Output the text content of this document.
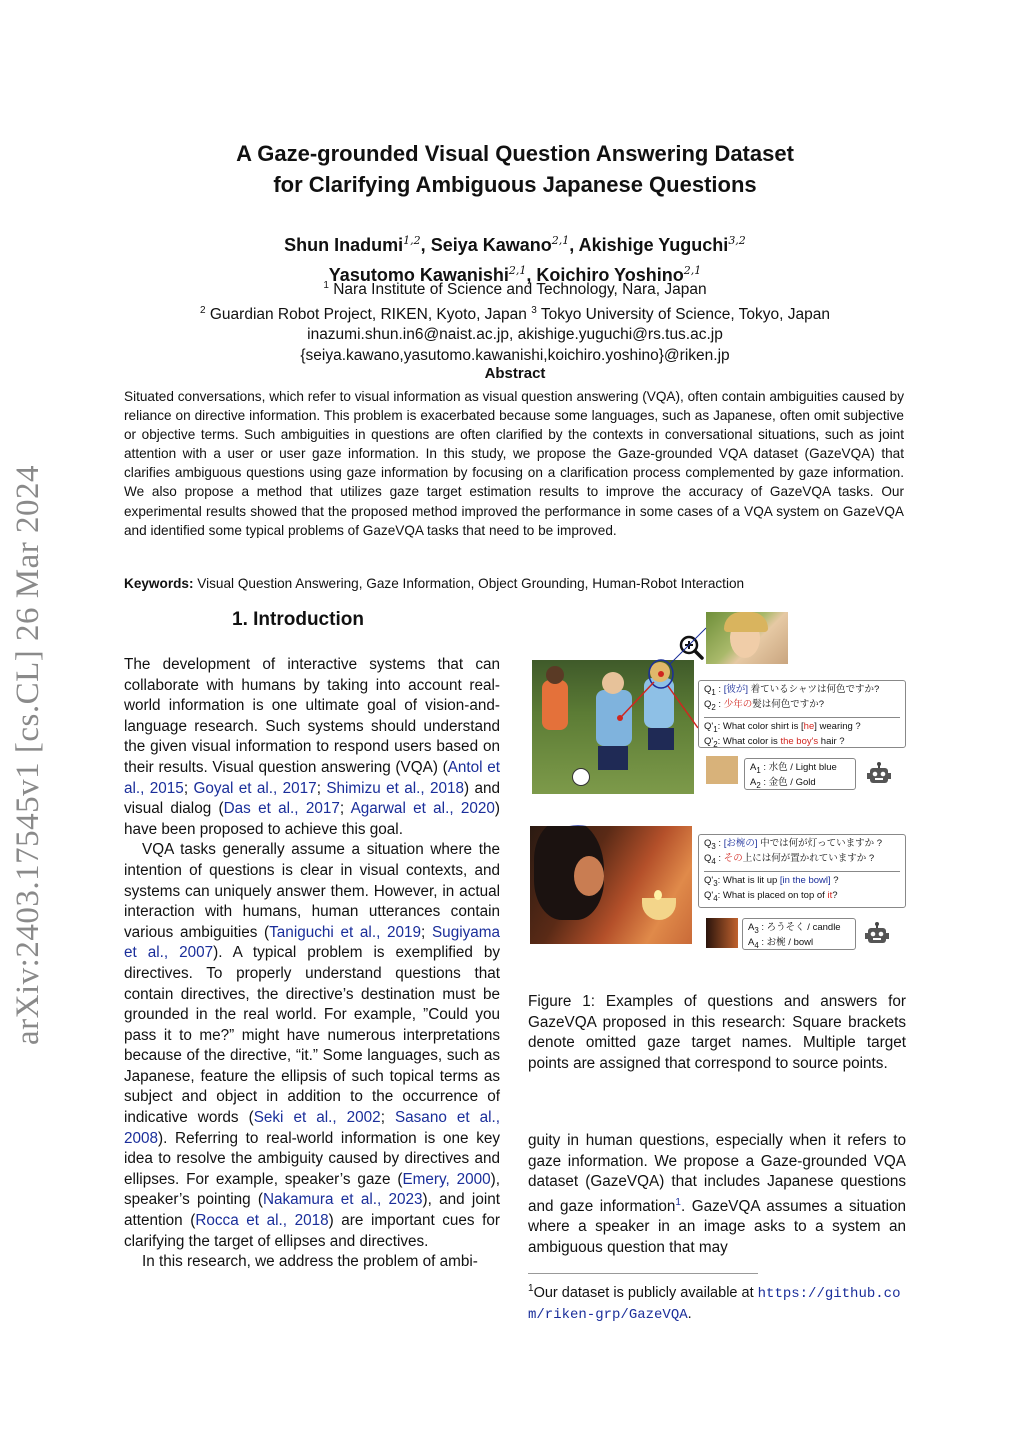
arXiv:2403.17545v1 [cs.CL] 26 Mar 2024
A Gaze-grounded Visual Question Answering Dataset
for Clarifying Ambiguous Japanese Questions
Shun Inadumi$^{1,2}$, Seiya Kawano$^{2,1}$, Akishige Yuguchi$^{3,2}$
Yasutomo Kawanishi$^{2,1}$, Koichiro Yoshino$^{2,1}$
$^1$ Nara Institute of Science and Technology, Nara, Japan
$^2$ Guardian Robot Project, RIKEN, Kyoto, Japan $^3$ Tokyo University of Science, Tokyo, Japan
inazumi.shun.in6@naist.ac.jp, akishige.yuguchi@rs.tus.ac.jp
{seiya.kawano,yasutomo.kawanishi,koichiro.yoshino}@riken.jp
Abstract
Situated conversations, which refer to visual information as visual question answering (VQA), often contain ambiguities caused by reliance on directive information. This problem is exacerbated because some languages, such as Japanese, often omit subjective or objective terms. Such ambiguities in questions are often clarified by the contexts in conversational situations, such as joint attention with a user or user gaze information. In this study, we propose the Gaze-grounded VQA dataset (GazeVQA) that clarifies ambiguous questions using gaze information by focusing on a clarification process complemented by gaze information. We also propose a method that utilizes gaze target estimation results to improve the accuracy of GazeVQA tasks. Our experimental results showed that the proposed method improved the performance in some cases of a VQA system on GazeVQA and identified some typical problems of GazeVQA tasks that need to be improved.
Keywords: Visual Question Answering, Gaze Information, Object Grounding, Human-Robot Interaction
1. Introduction

The development of interactive systems that can collaborate with humans by taking into account real-world information is one ultimate goal of vision-and-language research. Such systems should understand the given visual information to respond users based on their results. Visual question answering (VQA) (Antol et al., 2015; Goyal et al., 2017; Shimizu et al., 2018) and visual dialog (Das et al., 2017; Agarwal et al., 2020) have been proposed to achieve this goal.

VQA tasks generally assume a situation where the intention of questions is clear in visual contexts, and systems can uniquely answer them. However, in actual interaction with humans, human utterances contain various ambiguities (Taniguchi et al., 2019; Sugiyama et al., 2007). A typical problem is exemplified by directives. To properly understand questions that contain directives, the directive’s destination must be grounded in the real world. For example, ”Could you pass it to me?” might have numerous interpretations because of the directive, “it.” Some languages, such as Japanese, feature the ellipsis of such topical terms as subject and object in addition to the occurrence of indicative words (Seki et al., 2002; Sasano et al., 2008). Referring to real-world information is one key idea to resolve the ambiguity caused by directives and ellipses. For example, speaker’s gaze (Emery, 2000), speaker’s pointing (Nakamura et al., 2023), and joint attention (Rocca et al., 2018) are important cues for clarifying the target of ellipses and directives.

In this research, we address the problem of ambi-

$Q_1$ : [彼が] 着ているシャツは何色ですか?
$Q_2$ : 少年の髪は何色ですか?
$Q'_1$: What color shirt is [he] wearing ?
$Q'_2$: What color is the boy's hair ?
$A_1$ : 水色 / Light blue
$A_2$ : 金色 / Gold
$Q_3$ : [お椀の] 中では何が灯っていますか ?
$Q_4$ : その上には何が置かれていますか ?
$Q'_3$: What is lit up [in the bowl] ?
$Q'_4$: What is placed on top of it?
$A_3$ : ろうそく / candle
$A_4$ : お椀 / bowl
Figure 1: Examples of questions and answers for GazeVQA proposed in this research: Square brackets denote omitted gaze target names. Multiple target points are assigned that correspond to source points.
guity in human questions, especially when it refers to gaze information. We propose a Gaze-grounded VQA dataset (GazeVQA) that includes Japanese questions and gaze information$^1$. GazeVQA assumes a situation where a speaker in an image asks to a system an ambiguous question that may
$^1$Our dataset is publicly available at https://github.com/riken-grp/GazeVQA.
